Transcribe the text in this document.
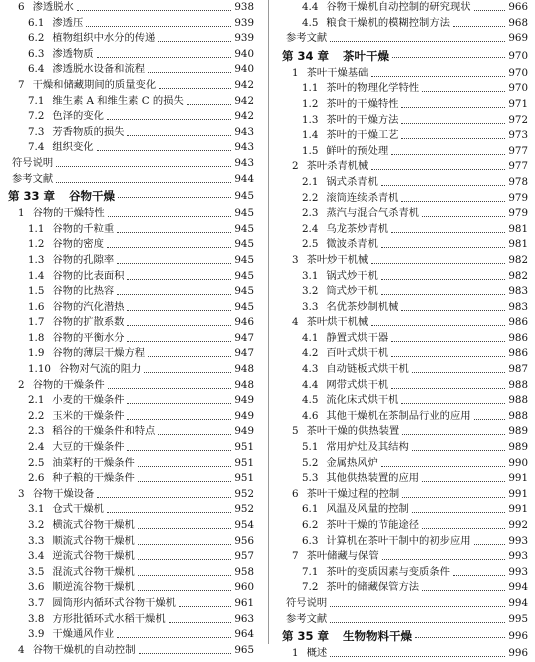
6 渗透脱水	938
6.1 渗透压	939
6.2 植物组织中水分的传递	939
6.3 渗透物质	940
6.4 渗透脱水设备和流程	940
7 干燥和储藏期间的质量变化	942
7.1 维生素 A 和维生素 C 的损失	942
7.2 色泽的变化	942
7.3 芳香物质的损失	943
7.4 组织变化	943
符号说明	943
参考文献	944
第 33 章 谷物干燥	945
1 谷物的干燥特性	945
1.1 谷物的千粒重	945
1.2 谷物的密度	945
1.3 谷物的孔隙率	945
1.4 谷物的比表面积	945
1.5 谷物的比热容	945
1.6 谷物的汽化潜热	945
1.7 谷物的扩散系数	946
1.8 谷物的平衡水分	947
1.9 谷物的薄层干燥方程	947
1.10 谷物对气流的阻力	948
2 谷物的干燥条件	948
2.1 小麦的干燥条件	949
2.2 玉米的干燥条件	949
2.3 稻谷的干燥条件和特点	949
2.4 大豆的干燥条件	951
2.5 油菜籽的干燥条件	951
2.6 种子粮的干燥条件	951
3 谷物干燥设备	952
3.1 仓式干燥机	952
3.2 横流式谷物干燥机	954
3.3 顺流式谷物干燥机	956
3.4 逆流式谷物干燥机	957
3.5 混流式谷物干燥机	958
3.6 顺逆流谷物干燥机	960
3.7 圆筒形内循环式谷物干燥机	961
3.8 方形批循环式水稻干燥机	963
3.9 干燥通风作业	964
4 谷物干燥机的自动控制	965
4.4 谷物干燥机自动控制的研究现状	966
4.5 粮食干燥机的模糊控制方法	968
参考文献	969
第 34 章 茶叶干燥	970
1 茶叶干燥基础	970
1.1 茶叶的物理化学特性	970
1.2 茶叶的干燥特性	971
1.3 茶叶的干燥方法	972
1.4 茶叶的干燥工艺	973
1.5 鲜叶的预处理	977
2 茶叶杀青机械	977
2.1 锅式杀青机	978
2.2 滚筒连续杀青机	979
2.3 蒸汽与混合气杀青机	979
2.4 乌龙茶炒青机	981
2.5 微波杀青机	981
3 茶叶炒干机械	982
3.1 锅式炒干机	982
3.2 筒式炒干机	983
3.3 名优茶炒制机械	983
4 茶叶烘干机械	986
4.1 静置式烘干器	986
4.2 百叶式烘干机	986
4.3 自动链板式烘干机	987
4.4 网带式烘干机	988
4.5 流化床式烘干机	988
4.6 其他干燥机在茶制品行业的应用	988
5 茶叶干燥的供热装置	989
5.1 常用炉灶及其结构	989
5.2 金属热风炉	990
5.3 其他供热装置的应用	991
6 茶叶干燥过程的控制	991
6.1 风温及风量的控制	991
6.2 茶叶干燥的节能途径	992
6.3 计算机在茶叶干制中的初步应用	993
7 茶叶储藏与保管	993
7.1 茶叶的变质因素与变质条件	993
7.2 茶叶的储藏保管方法	994
符号说明	994
参考文献	995
第 35 章 生物物料干燥	996
1 概述	996
